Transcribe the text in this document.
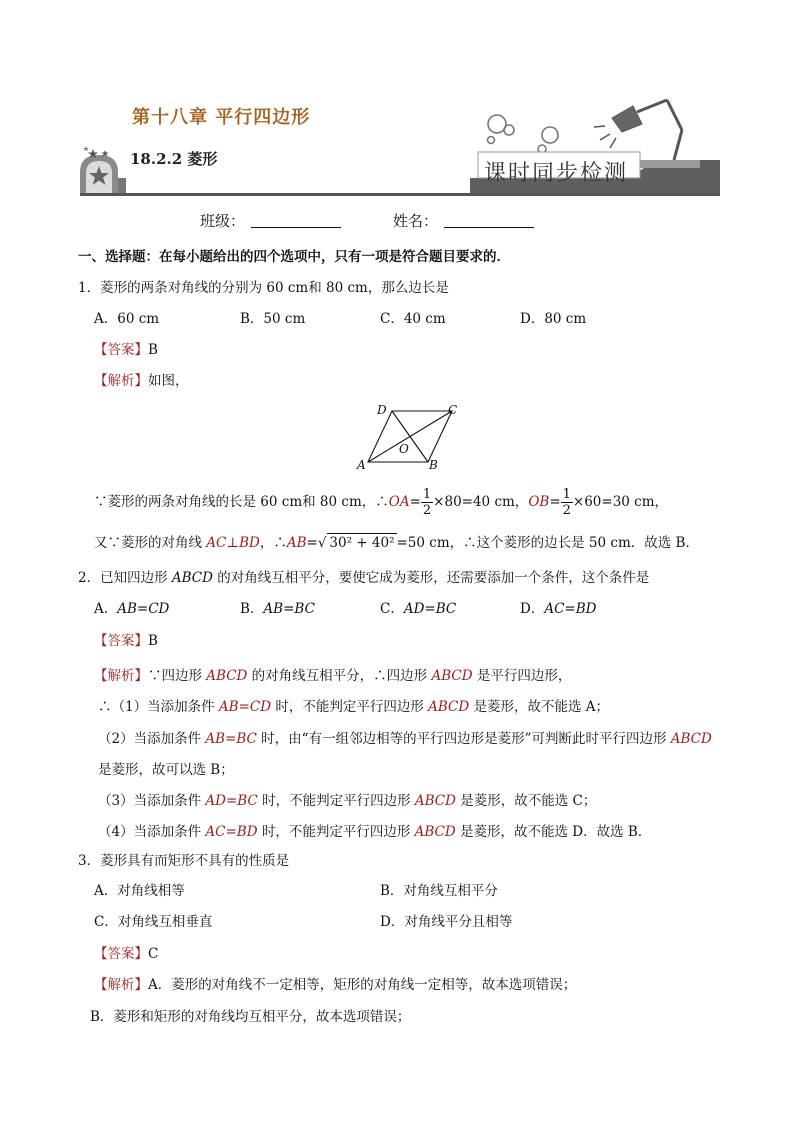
第十八章 平行四边形
18.2.2 菱形
课时同步检测
班级：	姓名：
一、选择题：在每小题给出的四个选项中，只有一项是符合题目要求的．
1．菱形的两条对角线的分别为 60 cm和 80 cm，那么边长是
A．60 cm	B．50 cm	C．40 cm	D．80 cm
【答案】B
【解析】如图，
D	C
A	B
O
∵菱形的两条对角线的长是 60 cm和 80 cm，∴OA= $\frac{1}{2} \times 80=40$ cm，$OB= \frac{1}{2} \times 60=30$ cm，
又∵菱形的对角线 AC⊥BD，∴AB=√ 30² + 40² =50 cm，∴这个菱形的边长是 50 cm．故选 B．
2．已知四边形 ABCD 的对角线互相平分，要使它成为菱形，还需要添加一个条件，这个条件是
A．AB=CD	B．AB=BC	C．AD=BC	D．AC=BD
【答案】B
【解析】∵四边形 ABCD 的对角线互相平分，∴四边形 ABCD 是平行四边形，
∴（1）当添加条件 AB=CD 时，不能判定平行四边形 ABCD 是菱形，故不能选 A；
（2）当添加条件 AB=BC 时，由“有一组邻边相等的平行四边形是菱形”可判断此时平行四边形 ABCD
是菱形，故可以选 B；
（3）当添加条件 AD=BC 时，不能判定平行四边形 ABCD 是菱形，故不能选 C；
（4）当添加条件 AC=BD 时，不能判定平行四边形 ABCD 是菱形，故不能选 D．故选 B．
3．菱形具有而矩形不具有的性质是
A．对角线相等	B．对角线互相平分
C．对角线互相垂直	D．对角线平分且相等
【答案】C
【解析】A．菱形的对角线不一定相等，矩形的对角线一定相等，故本选项错误；
B．菱形和矩形的对角线均互相平分，故本选项错误；
